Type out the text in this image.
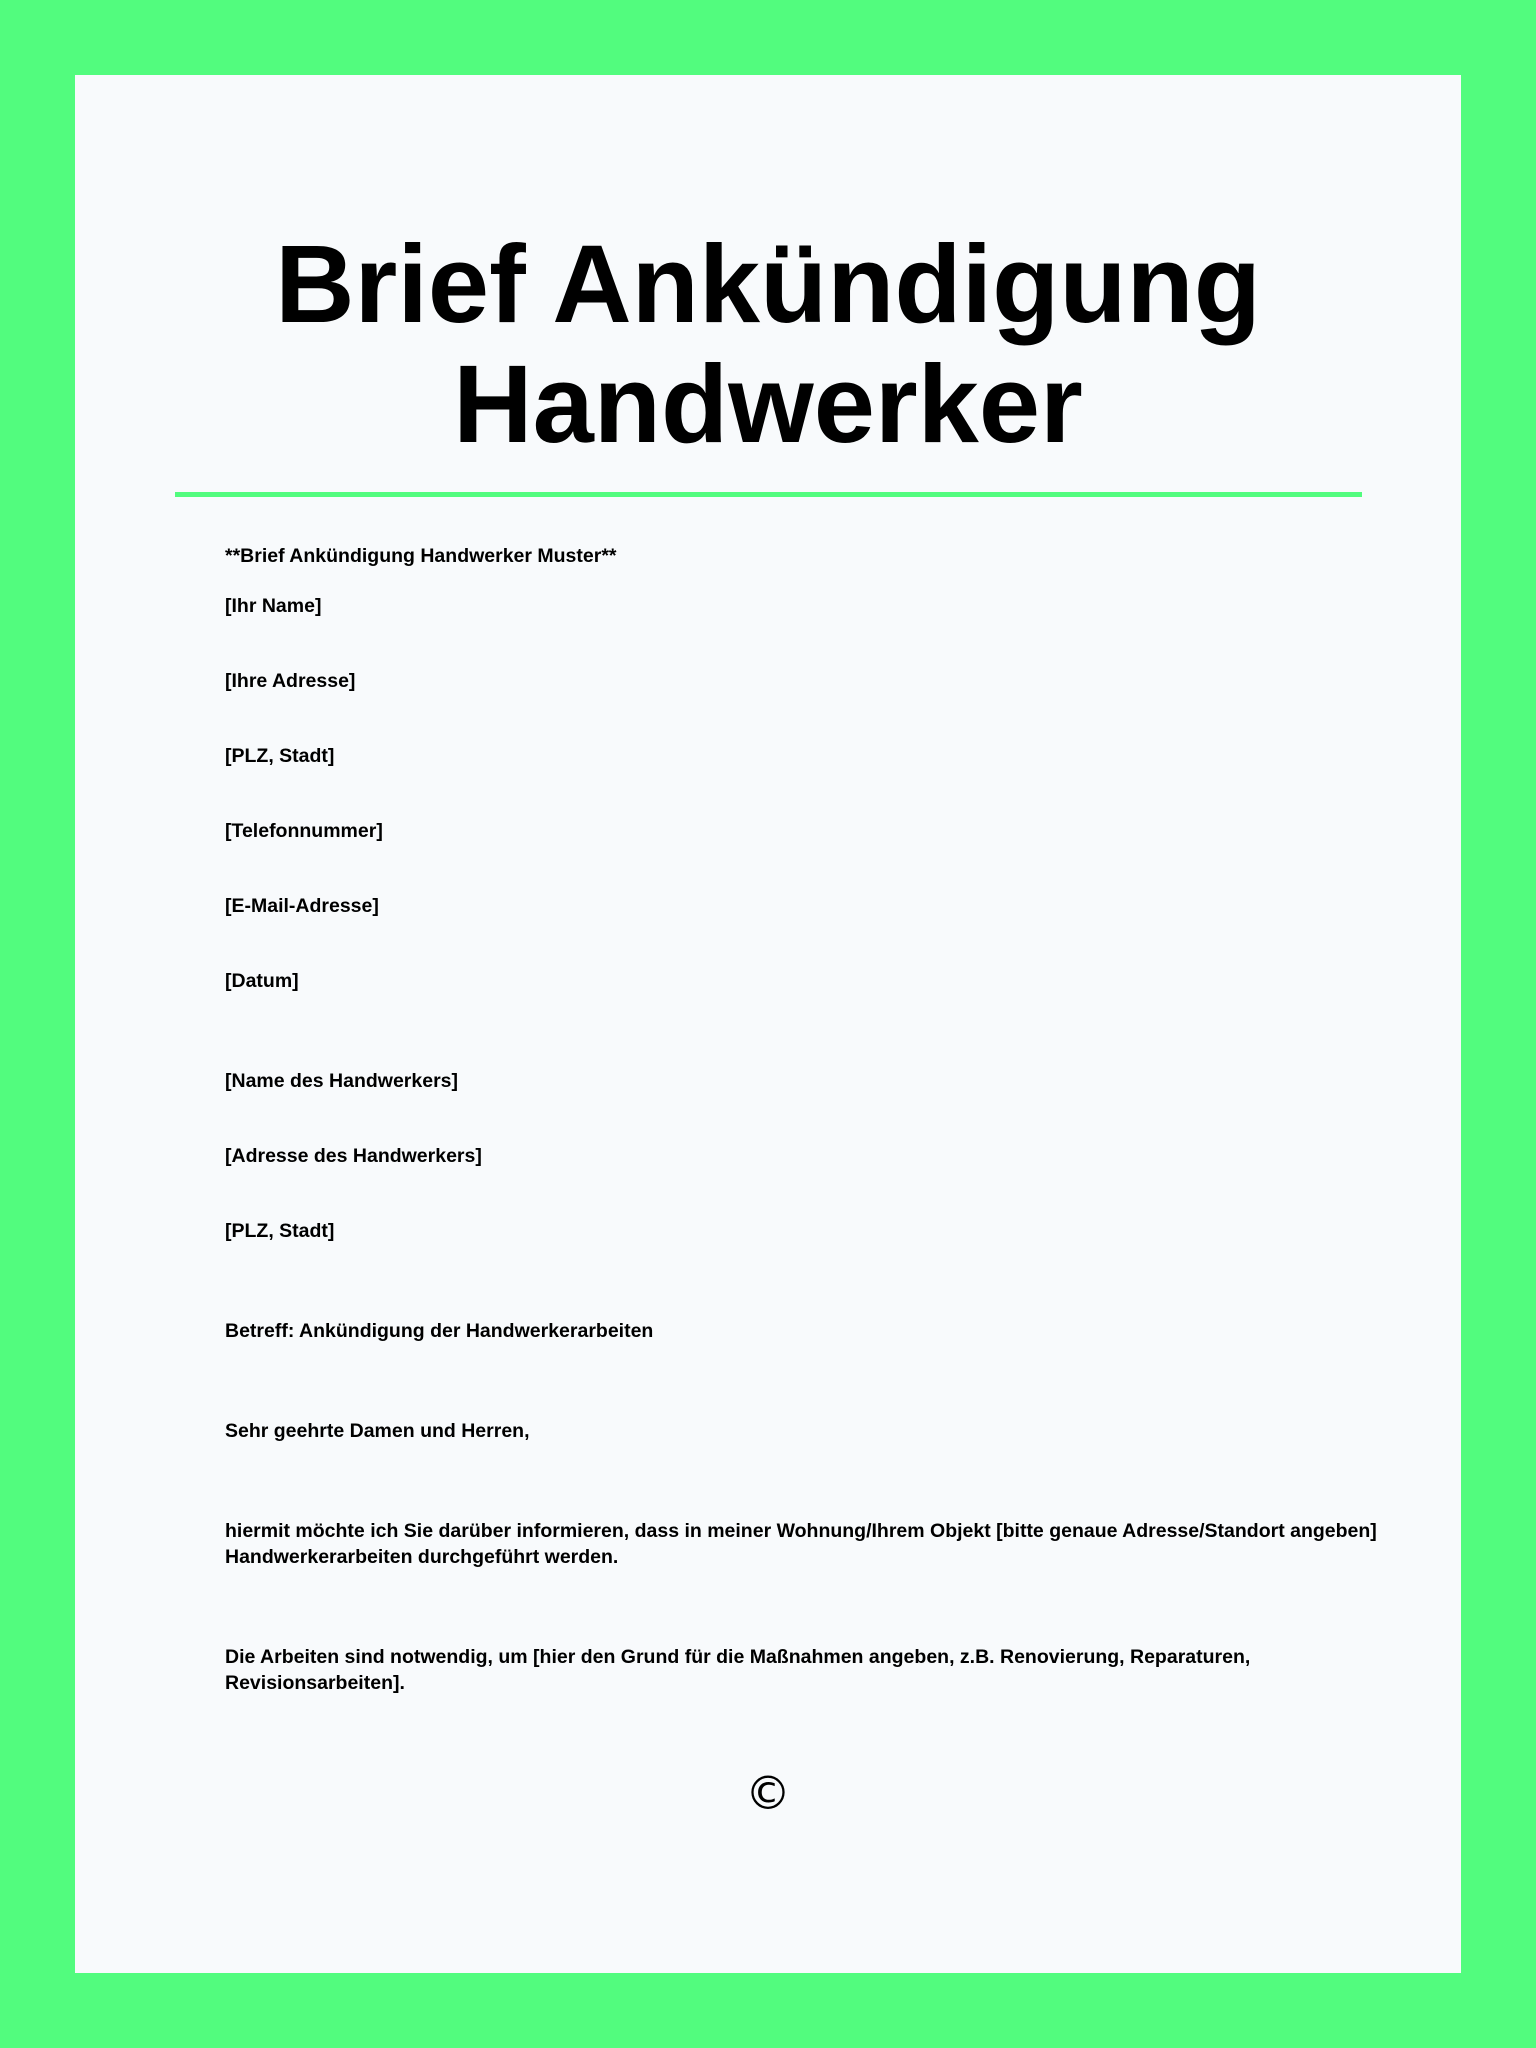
Brief Ankündigung
Handwerker

**Brief Ankündigung Handwerker Muster**

[Ihr Name]

[Ihre Adresse]

[PLZ, Stadt]

[Telefonnummer]

[E-Mail-Adresse]

[Datum]

[Name des Handwerkers]

[Adresse des Handwerkers]

[PLZ, Stadt]

Betreff: Ankündigung der Handwerkerarbeiten

Sehr geehrte Damen und Herren,

hiermit möchte ich Sie darüber informieren, dass in meiner Wohnung/Ihrem Objekt [bitte genaue Adresse/Standort angeben] Handwerkerarbeiten durchgeführt werden.

Die Arbeiten sind notwendig, um [hier den Grund für die Maßnahmen angeben, z.B. Renovierung, Reparaturen, Revisionsarbeiten].

©
